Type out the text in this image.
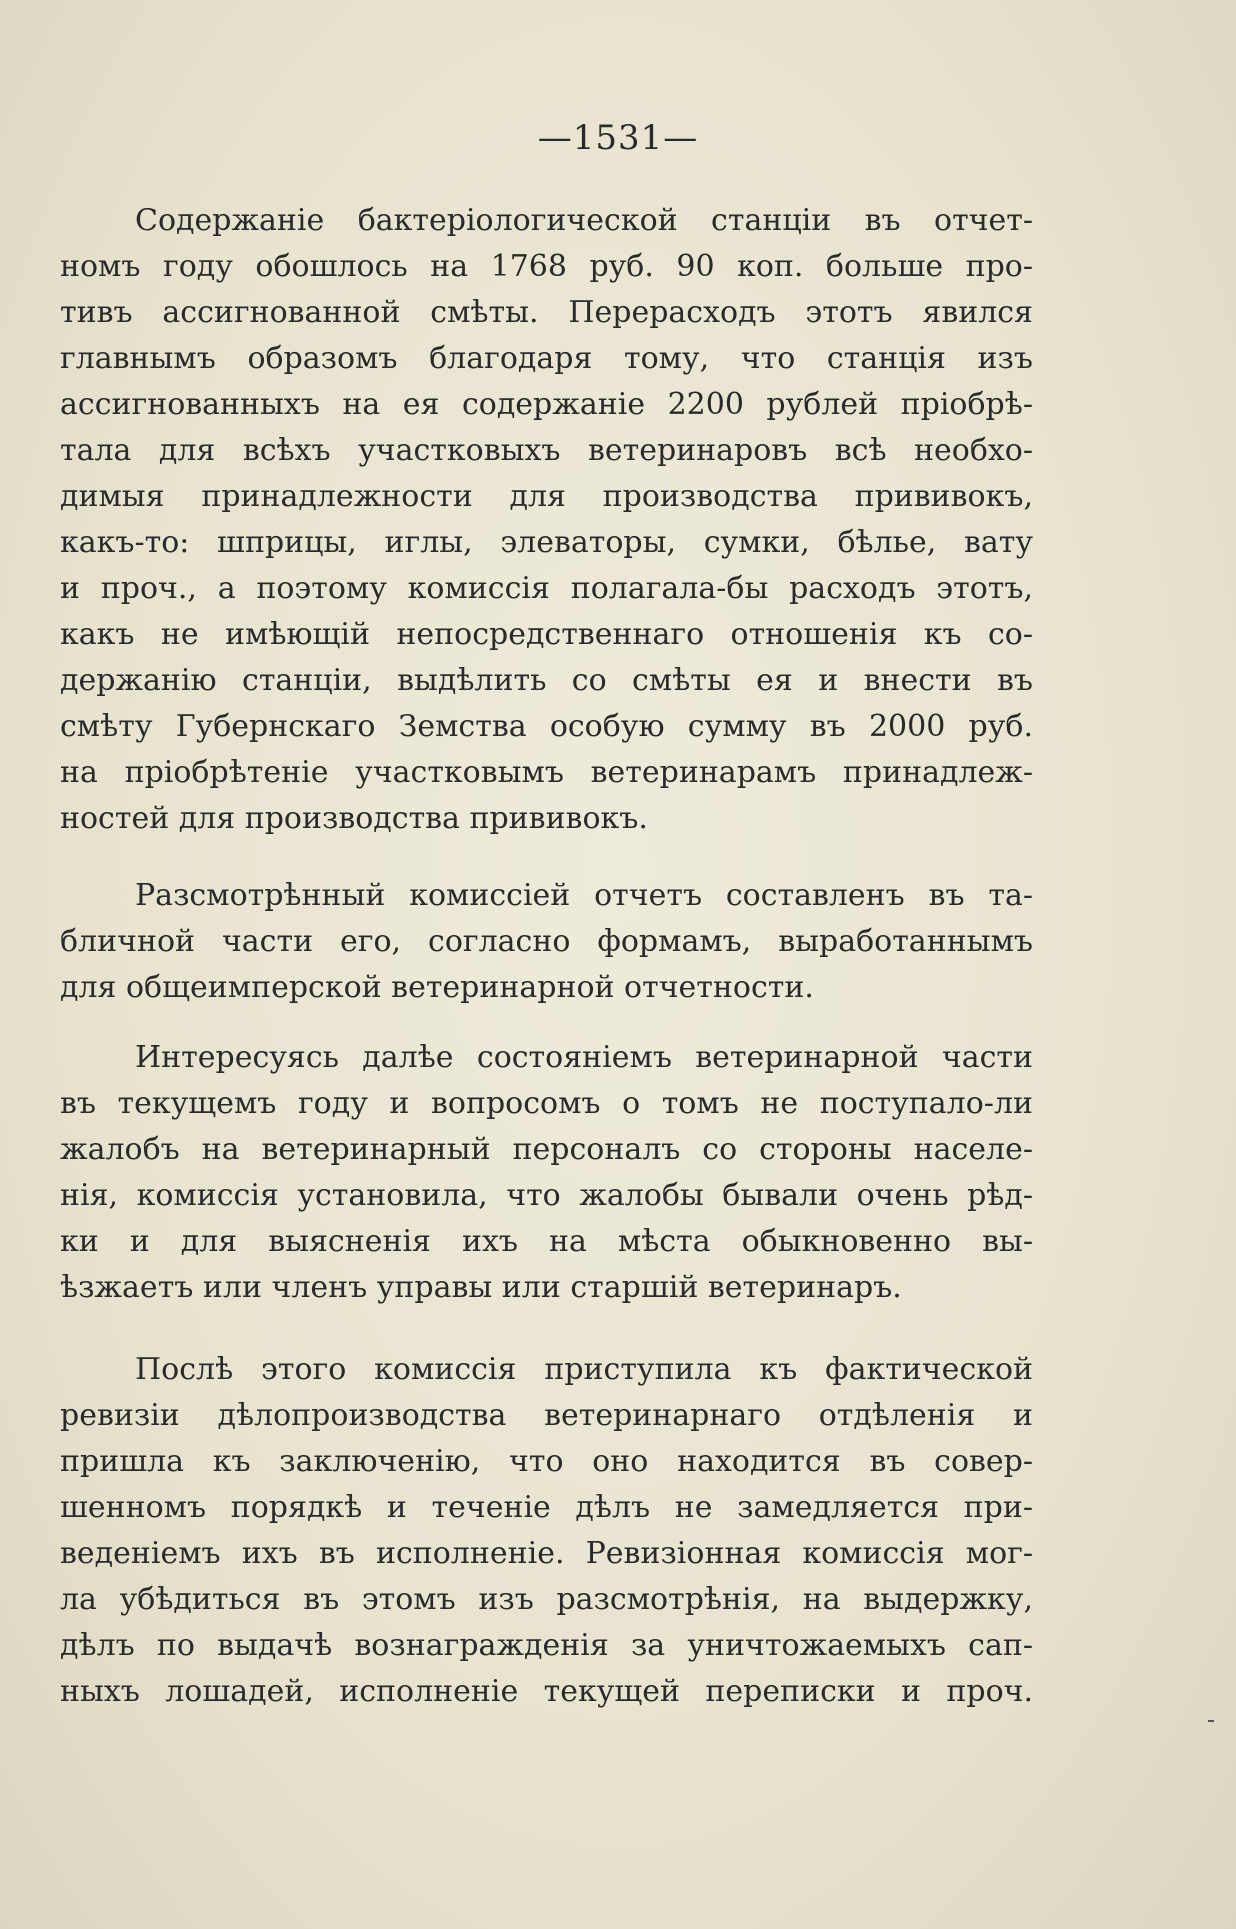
—1531—
Содержаніе бактеріологической станціи въ отчет-
номъ году обошлось на 1768 руб. 90 коп. больше про-
тивъ ассигнованной смѣты. Перерасходъ этотъ явился
главнымъ образомъ благодаря тому, что станція изъ
ассигнованныхъ на ея содержаніе 2200 рублей пріобрѣ-
тала для всѣхъ участковыхъ ветеринаровъ всѣ необхо-
димыя принадлежности для производства прививокъ,
какъ-то: шприцы, иглы, элеваторы, сумки, бѣлье, вату
и проч., а поэтому комиссія полагала-бы расходъ этотъ,
какъ не имѣющій непосредственнаго отношенія къ со-
держанію станціи, выдѣлить со смѣты ея и внести въ
смѣту Губернскаго Земства особую сумму въ 2000 руб.
на пріобрѣтеніе участковымъ ветеринарамъ принадлеж-
ностей для производства прививокъ.
Разсмотрѣнный комиссіей отчетъ составленъ въ та-
бличной части его, согласно формамъ, выработаннымъ
для общеимперской ветеринарной отчетности.
Интересуясь далѣе состояніемъ ветеринарной части
въ текущемъ году и вопросомъ о томъ не поступало-ли
жалобъ на ветеринарный персоналъ со стороны населе-
нія, комиссія установила, что жалобы бывали очень рѣд-
ки и для выясненія ихъ на мѣста обыкновенно вы-
ѣзжаетъ или членъ управы или старшій ветеринаръ.
Послѣ этого комиссія приступила къ фактической
ревизіи дѣлопроизводства ветеринарнаго отдѣленія и
пришла къ заключенію, что оно находится въ совер-
шенномъ порядкѣ и теченіе дѣлъ не замедляется при-
веденіемъ ихъ въ исполненіе. Ревизіонная комиссія мог-
ла убѣдиться въ этомъ изъ разсмотрѣнія, на выдержку,
дѣлъ по выдачѣ вознагражденія за уничтожаемыхъ сап-
ныхъ лошадей, исполненіе текущей переписки и проч.
